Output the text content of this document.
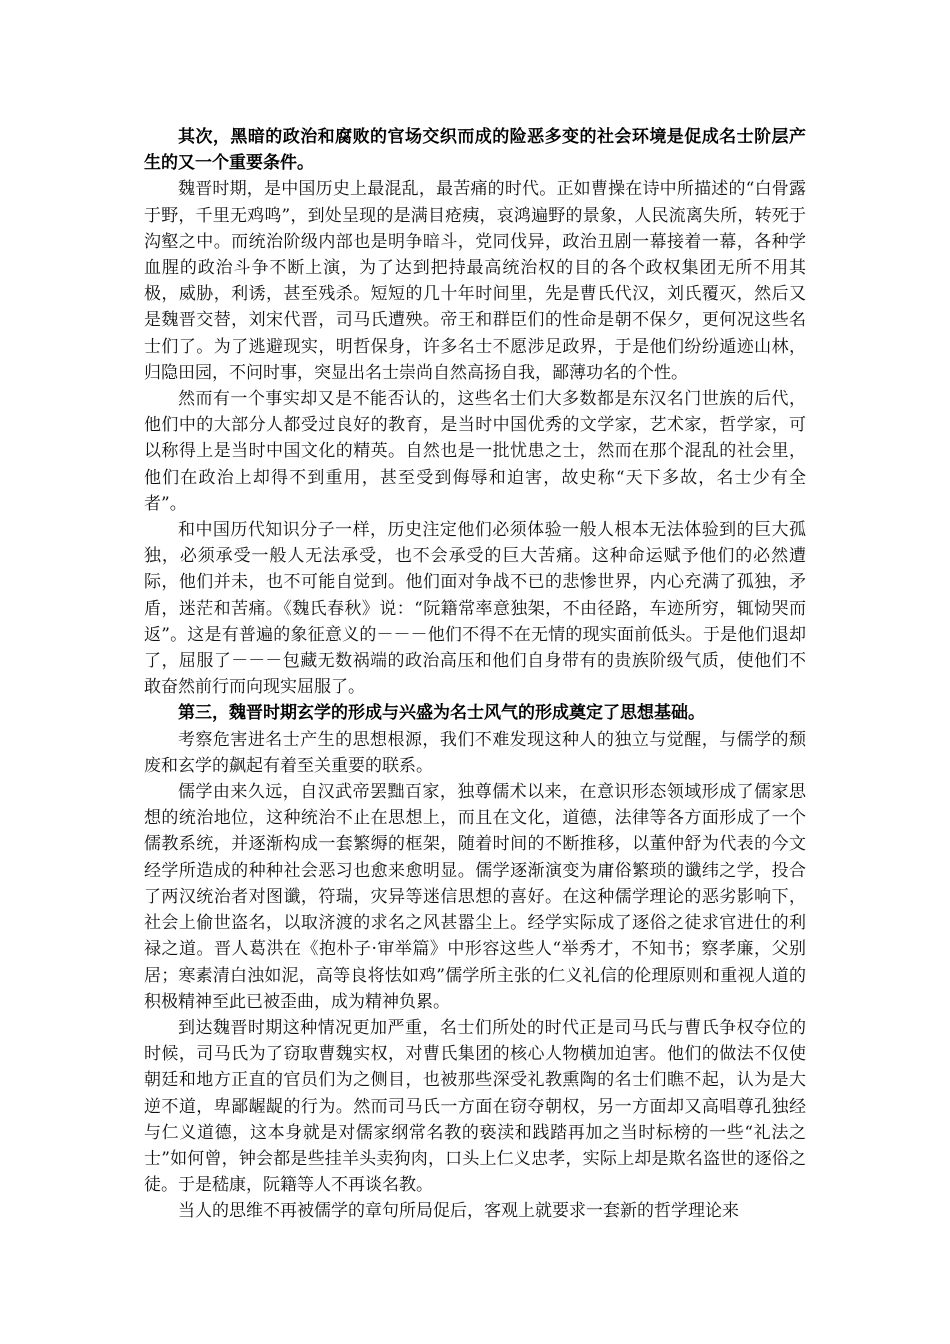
其次，黑暗的政治和腐败的官场交织而成的险恶多变的社会环境是促成名士阶层产生的又一个重要条件。

魏晋时期，是中国历史上最混乱，最苦痛的时代。正如曹操在诗中所描述的“白骨露于野，千里无鸡鸣”，到处呈现的是满目疮痍，哀鸿遍野的景象，人民流离失所，转死于沟壑之中。而统治阶级内部也是明争暗斗，党同伐异，政治丑剧一幕接着一幕，各种学血腥的政治斗争不断上演，为了达到把持最高统治权的目的各个政权集团无所不用其极，威胁，利诱，甚至残杀。短短的几十年时间里，先是曹氏代汉，刘氏覆灭，然后又是魏晋交替，刘宋代晋，司马氏遭殃。帝王和群臣们的性命是朝不保夕，更何况这些名士们了。为了逃避现实，明哲保身，许多名士不愿涉足政界，于是他们纷纷遁迹山林，归隐田园，不问时事，突显出名士崇尚自然高扬自我，鄙薄功名的个性。

然而有一个事实却又是不能否认的，这些名士们大多数都是东汉名门世族的后代，他们中的大部分人都受过良好的教育，是当时中国优秀的文学家，艺术家，哲学家，可以称得上是当时中国文化的精英。自然也是一批忧患之士，然而在那个混乱的社会里，他们在政治上却得不到重用，甚至受到侮辱和迫害，故史称“天下多故，名士少有全者”。

和中国历代知识分子一样，历史注定他们必须体验一般人根本无法体验到的巨大孤独，必须承受一般人无法承受，也不会承受的巨大苦痛。这种命运赋予他们的必然遭际，他们并未，也不可能自觉到。他们面对争战不已的悲惨世界，内心充满了孤独，矛盾，迷茫和苦痛。《魏氏春秋》说：“阮籍常率意独架，不由径路，车迹所穷，辄恸哭而返”。这是有普遍的象征意义的－－－他们不得不在无情的现实面前低头。于是他们退却了，屈服了－－－包藏无数祸端的政治高压和他们自身带有的贵族阶级气质，使他们不敢奋然前行而向现实屈服了。

第三，魏晋时期玄学的形成与兴盛为名士风气的形成奠定了思想基础。

考察危害进名士产生的思想根源，我们不难发现这种人的独立与觉醒，与儒学的颓废和玄学的飙起有着至关重要的联系。

儒学由来久远，自汉武帝罢黜百家，独尊儒术以来，在意识形态领域形成了儒家思想的统治地位，这种统治不止在思想上，而且在文化，道德，法律等各方面形成了一个儒教系统，并逐渐构成一套繁缛的框架，随着时间的不断推移，以董仲舒为代表的今文经学所造成的种种社会恶习也愈来愈明显。儒学逐渐演变为庸俗繁琐的谶纬之学，投合了两汉统治者对图谶，符瑞，灾异等迷信思想的喜好。在这种儒学理论的恶劣影响下，社会上偷世盗名，以取济渡的求名之风甚嚣尘上。经学实际成了逐俗之徒求官进仕的利禄之道。晋人葛洪在《抱朴子·审举篇》中形容这些人“举秀才，不知书；察孝廉，父别居；寒素清白浊如泥，高等良将怯如鸡”儒学所主张的仁义礼信的伦理原则和重视人道的积极精神至此已被歪曲，成为精神负累。

到达魏晋时期这种情况更加严重，名士们所处的时代正是司马氏与曹氏争权夺位的时候，司马氏为了窃取曹魏实权，对曹氏集团的核心人物横加迫害。他们的做法不仅使朝廷和地方正直的官员们为之侧目，也被那些深受礼教熏陶的名士们瞧不起，认为是大逆不道，卑鄙龌龊的行为。然而司马氏一方面在窃夺朝权，另一方面却又高唱尊孔独经与仁义道德，这本身就是对儒家纲常名教的亵渎和践踏再加之当时标榜的一些“礼法之士”如何曾，钟会都是些挂羊头卖狗肉，口头上仁义忠孝，实际上却是欺名盗世的逐俗之徒。于是嵇康，阮籍等人不再谈名教。

当人的思维不再被儒学的章句所局促后，客观上就要求一套新的哲学理论来
